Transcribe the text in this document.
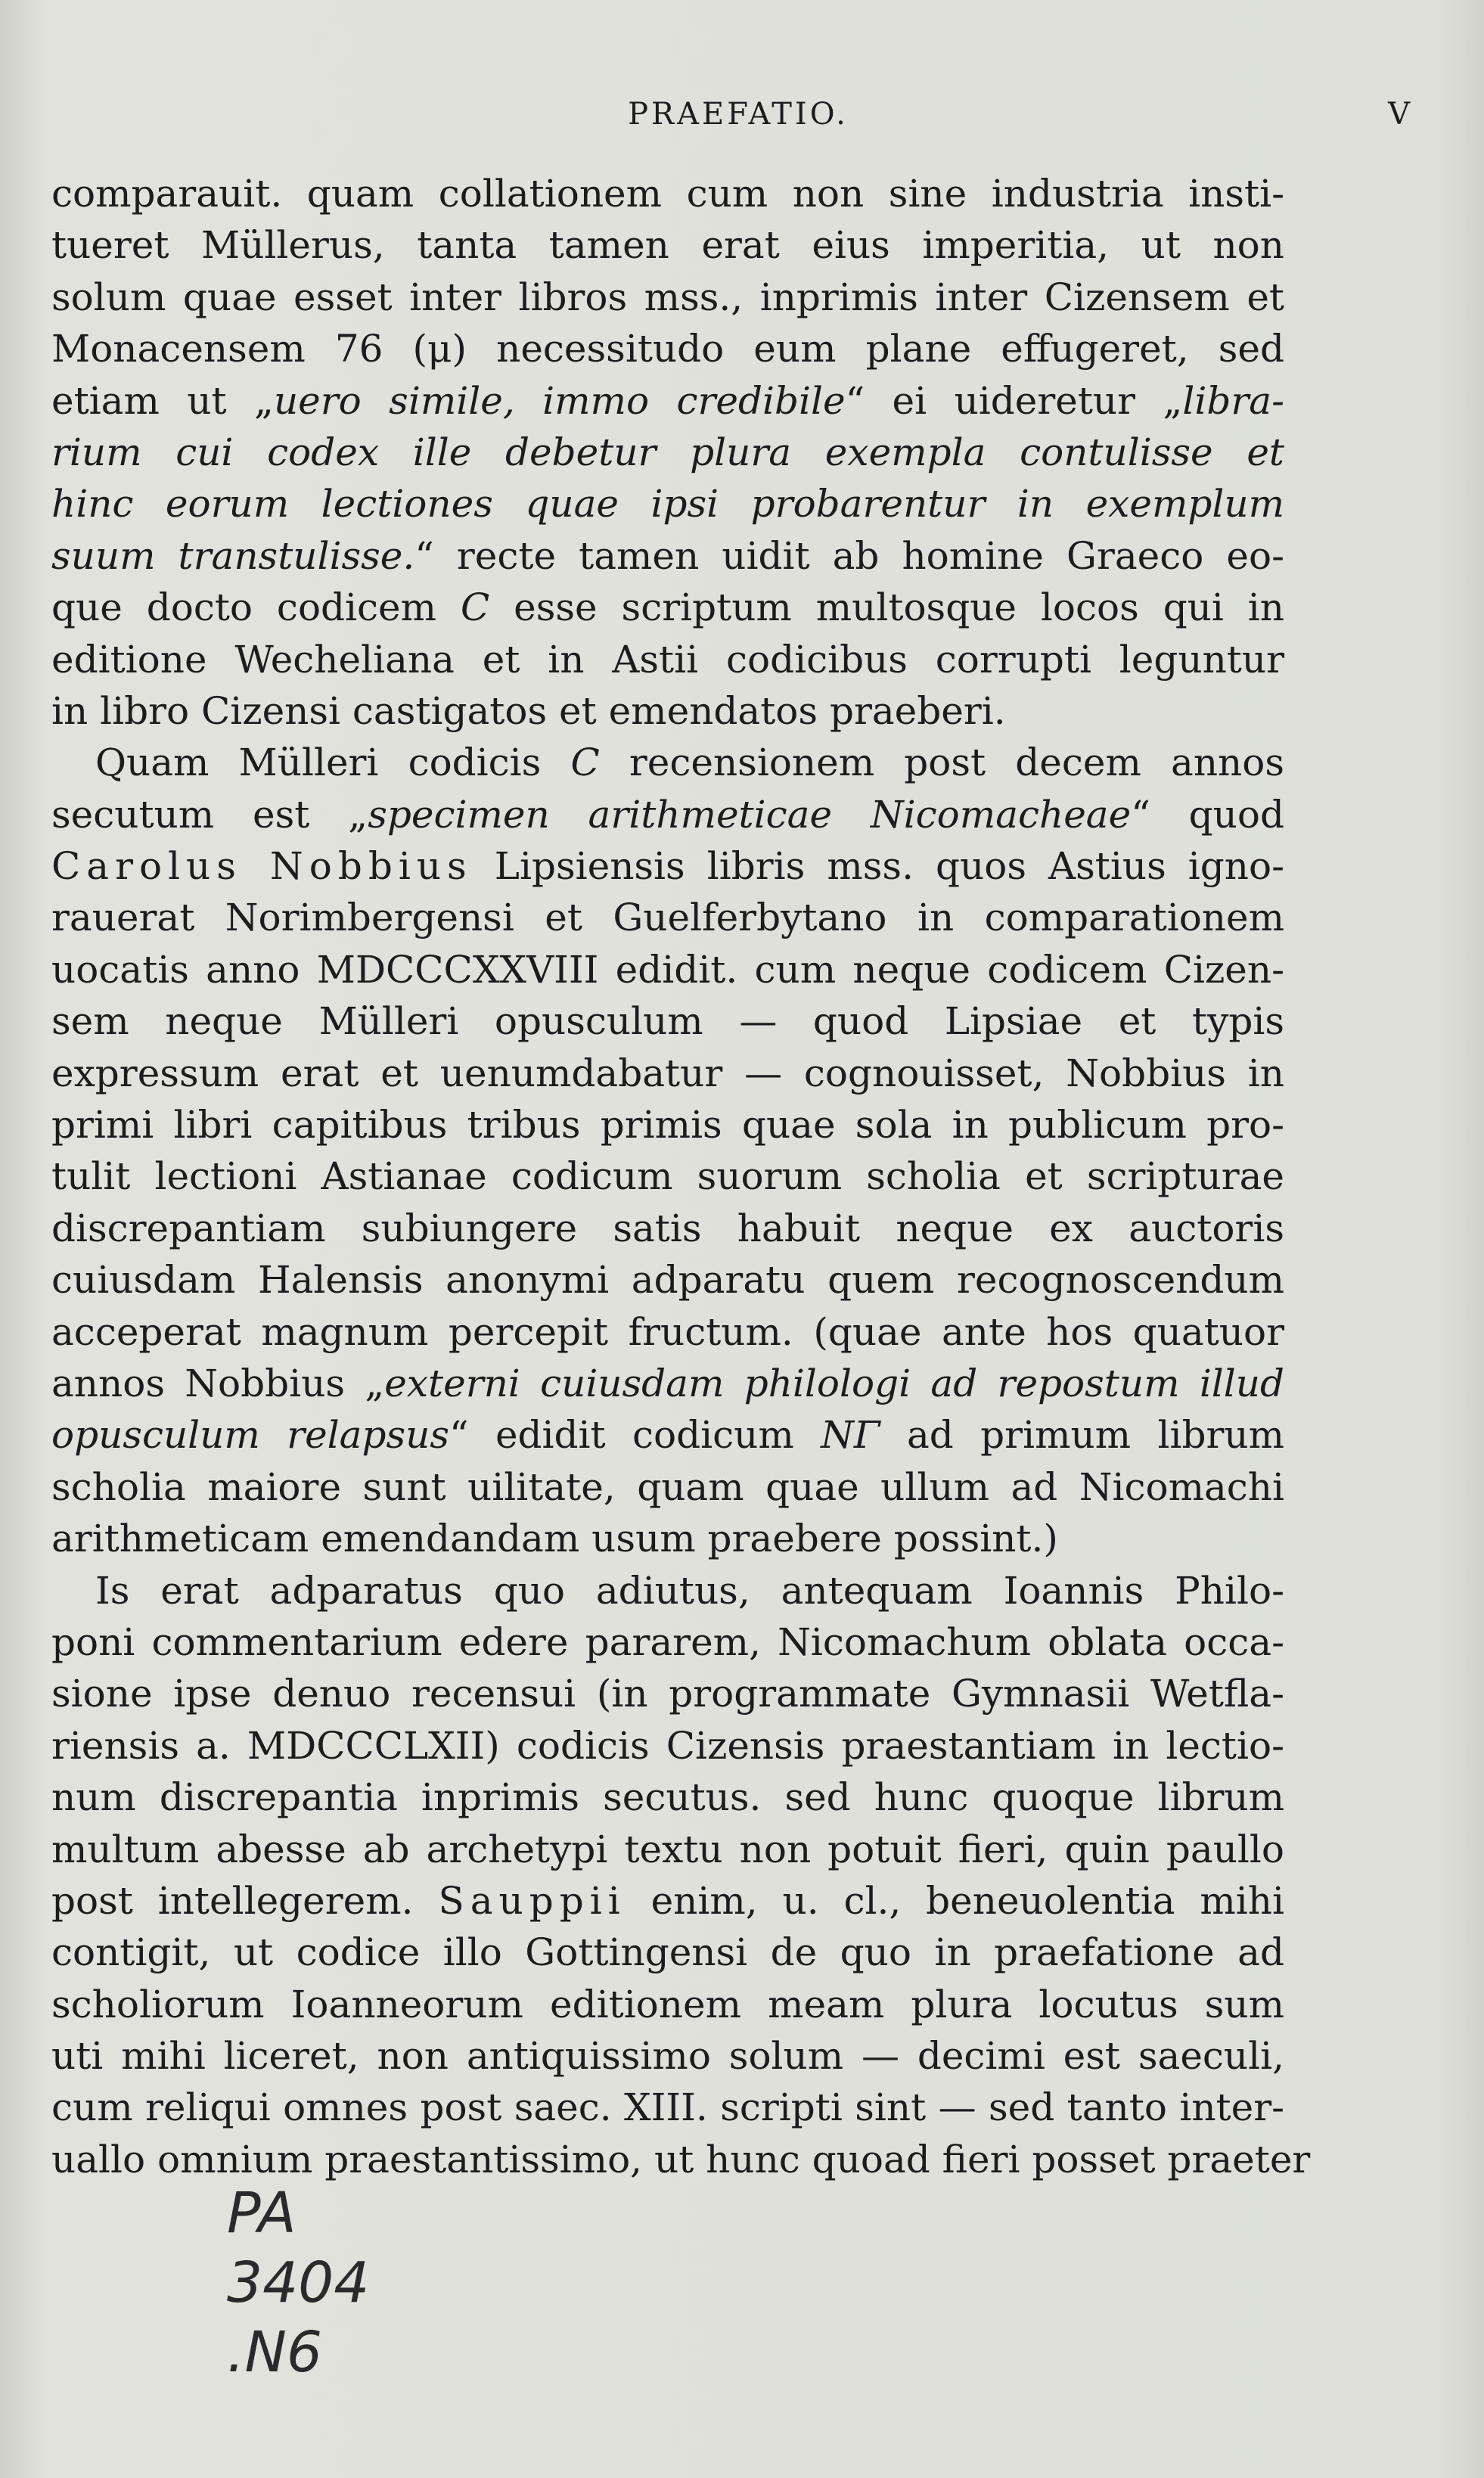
PRAEFATIO.	V
comparauit. quam collationem cum non sine industria insti-
tueret Müllerus, tanta tamen erat eius imperitia, ut non
solum quae esset inter libros mss., inprimis inter Cizensem et
Monacensem 76 (μ) necessitudo eum plane effugeret, sed
etiam ut „uero simile, immo credibile“ ei uideretur „libra-
rium cui codex ille debetur plura exempla contulisse et
hinc eorum lectiones quae ipsi probarentur in exemplum
suum transtulisse.“ recte tamen uidit ab homine Graeco eo-
que docto codicem C esse scriptum multosque locos qui in
editione Wecheliana et in Astii codicibus corrupti leguntur
in libro Cizensi castigatos et emendatos praeberi.
Quam Mülleri codicis C recensionem post decem annos
secutum est „specimen arithmeticae Nicomacheae“ quod
Carolus Nobbius Lipsiensis libris mss. quos Astius igno-
rauerat Norimbergensi et Guelferbytano in comparationem
uocatis anno MDCCCXXVIII edidit. cum neque codicem Cizen-
sem neque Mülleri opusculum — quod Lipsiae et typis
expressum erat et uenumdabatur — cognouisset, Nobbius in
primi libri capitibus tribus primis quae sola in publicum pro-
tulit lectioni Astianae codicum suorum scholia et scripturae
discrepantiam subiungere satis habuit neque ex auctoris
cuiusdam Halensis anonymi adparatu quem recognoscendum
acceperat magnum percepit fructum. (quae ante hos quatuor
annos Nobbius „externi cuiusdam philologi ad repostum illud
opusculum relapsus“ edidit codicum NΓ ad primum librum
scholia maiore sunt uilitate, quam quae ullum ad Nicomachi
arithmeticam emendandam usum praebere possint.)
Is erat adparatus quo adiutus, antequam Ioannis Philo-
poni commentarium edere pararem, Nicomachum oblata occa-
sione ipse denuo recensui (in programmate Gymnasii Wetfla-
riensis a. MDCCCLXII) codicis Cizensis praestantiam in lectio-
num discrepantia inprimis secutus. sed hunc quoque librum
multum abesse ab archetypi textu non potuit fieri, quin paullo
post intellegerem. Sauppii enim, u. cl., beneuolentia mihi
contigit, ut codice illo Gottingensi de quo in praefatione ad
scholiorum Ioanneorum editionem meam plura locutus sum
uti mihi liceret, non antiquissimo solum — decimi est saeculi,
cum reliqui omnes post saec. XIII. scripti sint — sed tanto inter-
uallo omnium praestantissimo, ut hunc quoad fieri posset praeter
PA
3404
.N6
